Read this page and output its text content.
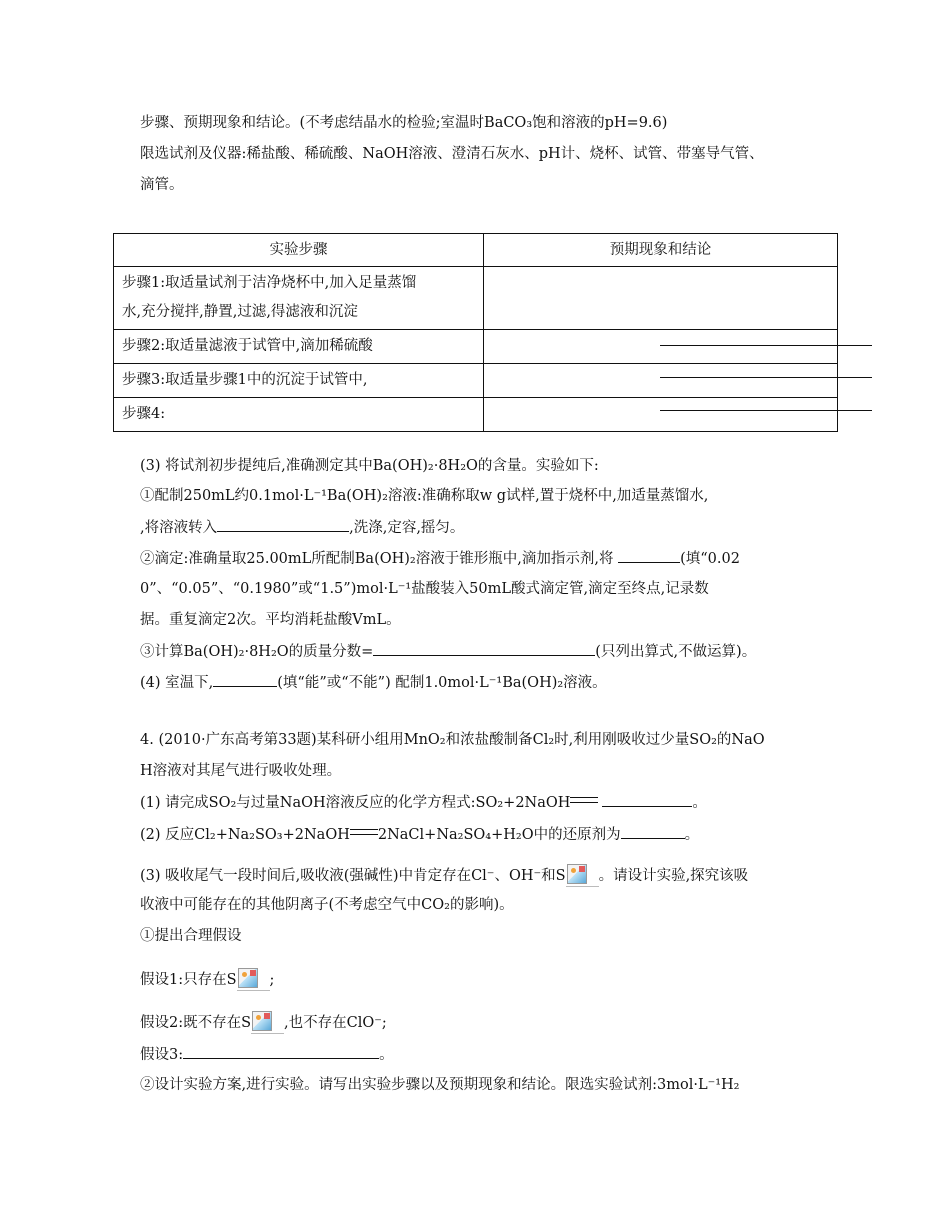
步骤、预期现象和结论。(不考虑结晶水的检验;室温时BaCO₃饱和溶液的pH=9.6)
限选试剂及仪器:稀盐酸、稀硫酸、NaOH溶液、澄清石灰水、pH计、烧杯、试管、带塞导气管、
滴管。
实验步骤	预期现象和结论

步骤1:取适量试剂于洁净烧杯中,加入足量蒸馏
水,充分搅拌,静置,过滤,得滤液和沉淀	

步骤2:取适量滤液于试管中,滴加稀硫酸	
步骤3:取适量步骤1中的沉淀于试管中,	
步骤4:	
(3) 将试剂初步提纯后,准确测定其中Ba(OH)₂·8H₂O的含量。实验如下:
①配制250mL约0.1mol·L⁻¹Ba(OH)₂溶液:准确称取w g试样,置于烧杯中,加适量蒸馏水,
,将溶液转入	,洗涤,定容,摇匀。
②滴定:准确量取25.00mL所配制Ba(OH)₂溶液于锥形瓶中,滴加指示剂,将	(填“0.02
0”、“0.05”、“0.1980”或“1.5”)mol·L⁻¹盐酸装入50mL酸式滴定管,滴定至终点,记录数
据。重复滴定2次。平均消耗盐酸VmL。
③计算Ba(OH)₂·8H₂O的质量分数=	(只列出算式,不做运算)。
(4) 室温下,	(填“能”或“不能”) 配制1.0mol·L⁻¹Ba(OH)₂溶液。
4. (2010·广东高考第33题)某科研小组用MnO₂和浓盐酸制备Cl₂时,利用刚吸收过少量SO₂的NaO
H溶液对其尾气进行吸收处理。
(1) 请完成SO₂与过量NaOH溶液反应的化学方程式:SO₂+2NaOH	。
(2) 反应Cl₂+Na₂SO₃+2NaOH 2NaCl+Na₂SO₄+H₂O中的还原剂为	。
(3) 吸收尾气一段时间后,吸收液(强碱性)中肯定存在Cl⁻、OH⁻和S 。请设计实验,探究该吸
收液中可能存在的其他阴离子(不考虑空气中CO₂的影响)。
①提出合理假设
假设1:只存在S ;
假设2:既不存在S ,也不存在ClO⁻;
假设3:	。
②设计实验方案,进行实验。请写出实验步骤以及预期现象和结论。限选实验试剂:3mol·L⁻¹H₂
